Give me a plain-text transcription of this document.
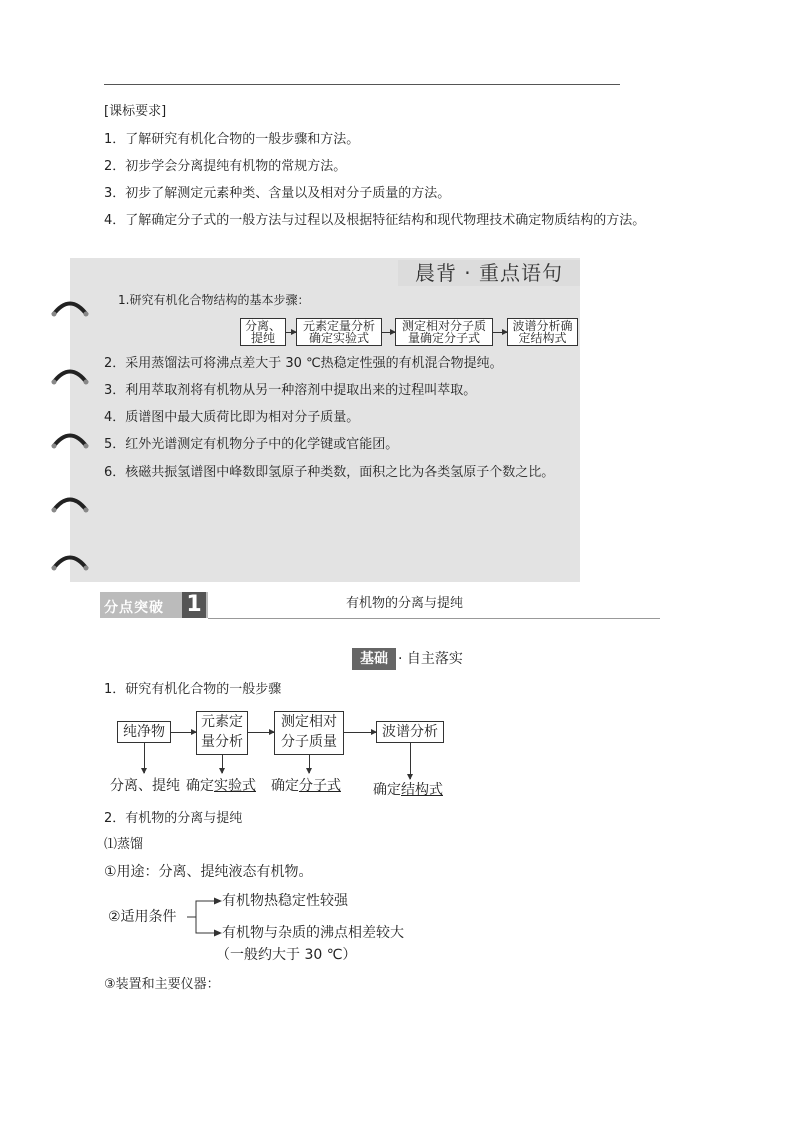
[课标要求]
1．了解研究有机化合物的一般步骤和方法。
2．初步学会分离提纯有机物的常规方法。
3．初步了解测定元素种类、含量以及相对分子质量的方法。
4．了解确定分子式的一般方法与过程以及根据特征结构和现代物理技术确定物质结构的方法。
晨背 · 重点语句
1.研究有机化合物结构的基本步骤：
分离、
提纯
元素定量分析
确定实验式
测定相对分子质
量确定分子式
波谱分析确
定结构式
2．采用蒸馏法可将沸点差大于 30 ℃热稳定性强的有机混合物提纯。
3．利用萃取剂将有机物从另一种溶剂中提取出来的过程叫萃取。
4．质谱图中最大质荷比即为相对分子质量。
5．红外光谱测定有机物分子中的化学键或官能团。
6．核磁共振氢谱图中峰数即氢原子种类数，面积之比为各类氢原子个数之比。
分点突破 1	有机物的分离与提纯
基础 · 自主落实
1．研究有机化合物的一般步骤
纯净物
元素定
量分析
测定相对
分子质量
波谱分析
分离、提纯 确定实验式 确定分子式 确定结构式
2．有机物的分离与提纯
⑴蒸馏
①用途：分离、提纯液态有机物。
②适用条件
有机物热稳定性较强
有机物与杂质的沸点相差较大
（一般约大于 30 ℃）
③装置和主要仪器：
